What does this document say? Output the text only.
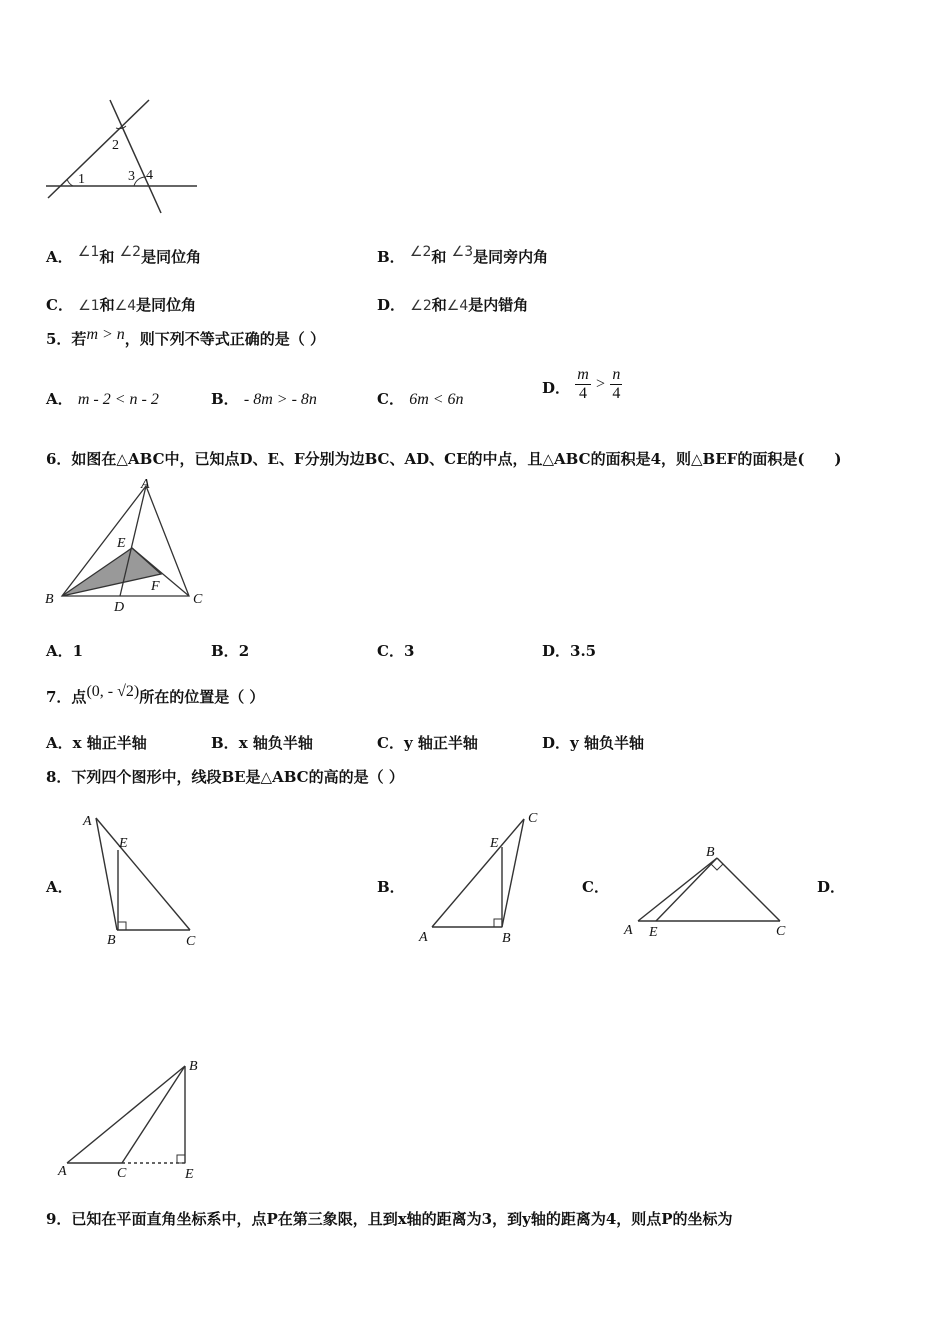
1
2
3 4
A． ∠1和 ∠2是同位角	B． ∠2和 ∠3是同旁内角
C． ∠1和∠4是同位角	D． ∠2和∠4是内错角
5．若m > n，则下列不等式正确的是（ ）
A． m - 2 < n - 2	B． - 8m > - 8n	C． 6m < 6n
D． $\frac{m}{4} > \frac{n}{4}$
6．如图在△ABC中，已知点D、E、F分别为边BC、AD、CE的中点，且△ABC的面积是4，则△BEF的面积是(　　)
A
B	C
D
E
F
A．1	B．2	C．3	D．3.5
7．点(0, - √2)所在的位置是（ ）
A．x 轴正半轴	B．x 轴负半轴	C．y 轴正半轴	D．y 轴负半轴
8．下列四个图形中，线段BE是△ABC的高的是（ ）
A．
A
E
B	C
B．
A	B
C
E
C．
B
A E	C
D．
B
A	C	E
9．已知在平面直角坐标系中，点P在第三象限，且到x轴的距离为3，到y轴的距离为4，则点P的坐标为
